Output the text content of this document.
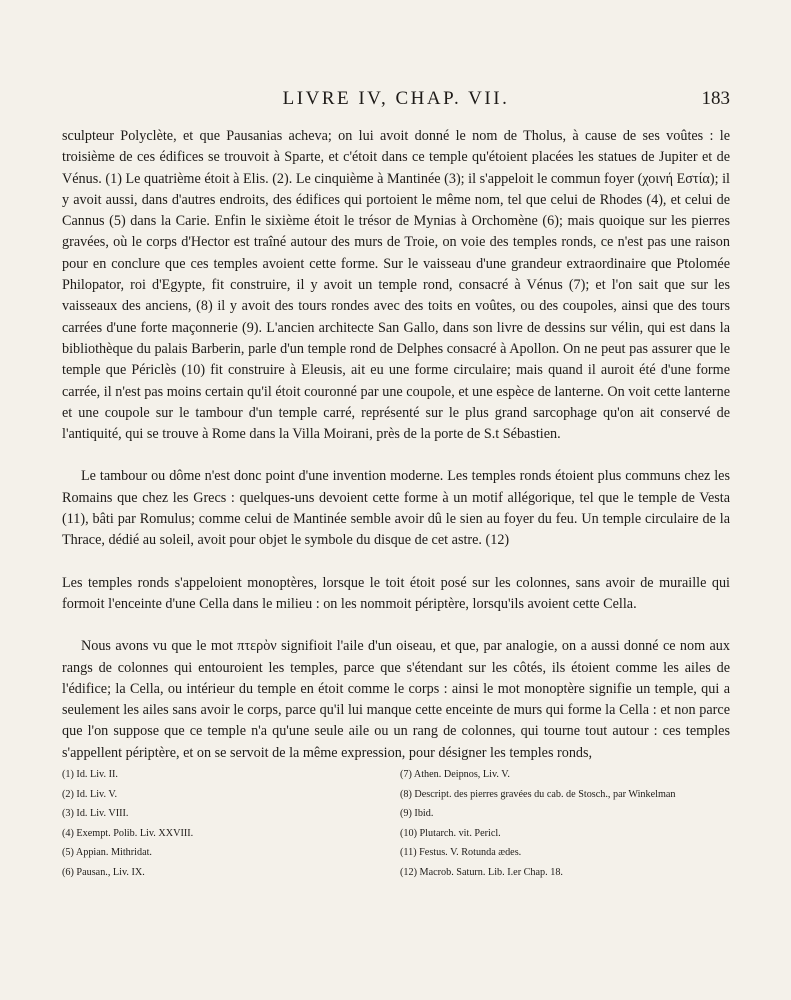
LIVRE IV, CHAP. VII.	183

sculpteur Polyclète, et que Pausanias acheva; on lui avoit donné le nom de Tholus, à cause de ses voûtes : le troisième de ces édifices se trouvoit à Sparte, et c'étoit dans ce temple qu'étoient placées les statues de Jupiter et de Vénus. (1) Le quatrième étoit à Elis. (2). Le cinquième à Mantinée (3); il s'appeloit le commun foyer (χοινή Εστία); il y avoit aussi, dans d'autres endroits, des édifices qui portoient le même nom, tel que celui de Rhodes (4), et celui de Cannus (5) dans la Carie. Enfin le sixième étoit le trésor de Mynias à Orchomène (6); mais quoique sur les pierres gravées, où le corps d'Hector est traîné autour des murs de Troie, on voie des temples ronds, ce n'est pas une raison pour en conclure que ces temples avoient cette forme. Sur le vaisseau d'une grandeur extraordinaire que Ptolomée Philopator, roi d'Egypte, fit construire, il y avoit un temple rond, consacré à Vénus (7); et l'on sait que sur les vaisseaux des anciens, (8) il y avoit des tours rondes avec des toits en voûtes, ou des coupoles, ainsi que des tours carrées d'une forte maçonnerie (9). L'ancien architecte San Gallo, dans son livre de dessins sur vélin, qui est dans la bibliothèque du palais Barberin, parle d'un temple rond de Delphes consacré à Apollon. On ne peut pas assurer que le temple que Périclès (10) fit construire à Eleusis, ait eu une forme circulaire; mais quand il auroit été d'une forme carrée, il n'est pas moins certain qu'il étoit couronné par une coupole, et une espèce de lanterne. On voit cette lanterne et une coupole sur le tambour d'un temple carré, représenté sur le plus grand sarcophage qu'on ait conservé de l'antiquité, qui se trouve à Rome dans la Villa Moirani, près de la porte de S.t Sébastien.

Le tambour ou dôme n'est donc point d'une invention moderne. Les temples ronds étoient plus communs chez les Romains que chez les Grecs : quelques-uns devoient cette forme à un motif allégorique, tel que le temple de Vesta (11), bâti par Romulus; comme celui de Mantinée semble avoir dû le sien au foyer du feu. Un temple circulaire de la Thrace, dédié au soleil, avoit pour objet le symbole du disque de cet astre. (12)

Les temples ronds s'appeloient monoptères, lorsque le toit étoit posé sur les colonnes, sans avoir de muraille qui formoit l'enceinte d'une Cella dans le milieu : on les nommoit périptère, lorsqu'ils avoient cette Cella.

Nous avons vu que le mot πτερὸν signifioit l'aile d'un oiseau, et que, par analogie, on a aussi donné ce nom aux rangs de colonnes qui entouroient les temples, parce que s'étendant sur les côtés, ils étoient comme les ailes de l'édifice; la Cella, ou intérieur du temple en étoit comme le corps : ainsi le mot monoptère signifie un temple, qui a seulement les ailes sans avoir le corps, parce qu'il lui manque cette enceinte de murs qui forme la Cella : et non parce que l'on suppose que ce temple n'a qu'une seule aile ou un rang de colonnes, qui tourne tout autour : ces temples s'appellent périptère, et on se servoit de la même expression, pour désigner les temples ronds,

(1) Id. Liv. II.
(2) Id. Liv. V.
(3) Id. Liv. VIII.
(4) Exempt. Polib. Liv. XXVIII.
(5) Appian. Mithridat.
(6) Pausan., Liv. IX.
(7) Athen. Deipnos, Liv. V.
(8) Descript. des pierres gravées du cab. de Stosch., par Winkelman
(9) Ibid.
(10) Plutarch. vit. Pericl.
(11) Festus. V. Rotunda ædes.
(12) Macrob. Saturn. Lib. I.er Chap. 18.
